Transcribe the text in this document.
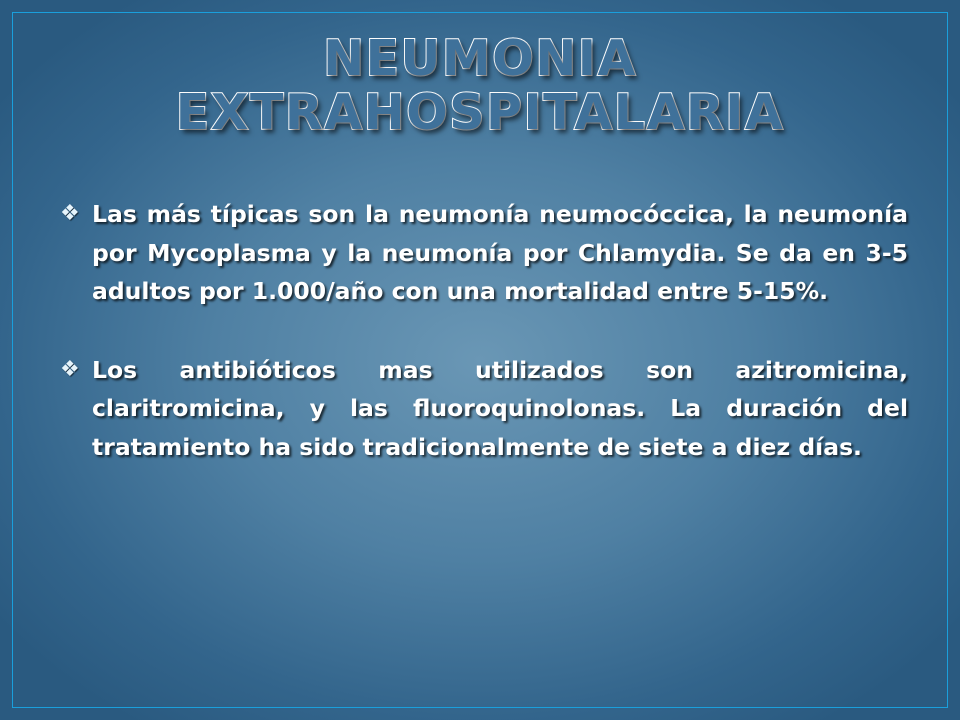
NEUMONIA
EXTRAHOSPITALARIA

❖ Las más típicas son la neumonía neumocóccica, la neumonía por Mycoplasma y la neumonía por Chlamydia. Se da en 3-5 adultos por 1.000/año con una mortalidad entre 5-15%.

❖ Los antibióticos mas utilizados son azitromicina, claritromicina, y las fluoroquinolonas. La duración del tratamiento ha sido tradicionalmente de siete a diez días.
